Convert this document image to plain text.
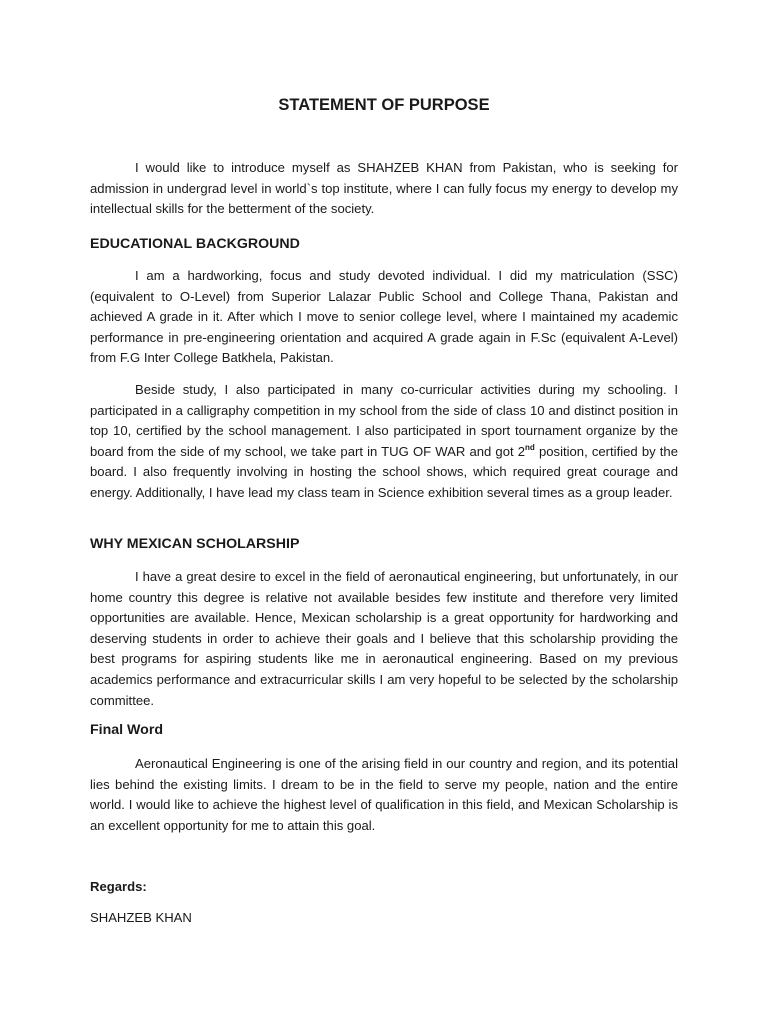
STATEMENT OF PURPOSE

I would like to introduce myself as SHAHZEB KHAN from Pakistan, who is seeking for admission in undergrad level in world`s top institute, where I can fully focus my energy to develop my intellectual skills for the betterment of the society.

EDUCATIONAL BACKGROUND

I am a hardworking, focus and study devoted individual. I did my matriculation (SSC) (equivalent to O-Level) from Superior Lalazar Public School and College Thana, Pakistan and achieved A grade in it. After which I move to senior college level, where I maintained my academic performance in pre-engineering orientation and acquired A grade again in F.Sc (equivalent A-Level) from F.G Inter College Batkhela, Pakistan.

Beside study, I also participated in many co-curricular activities during my schooling. I participated in a calligraphy competition in my school from the side of class 10 and distinct position in top 10, certified by the school management. I also participated in sport tournament organize by the board from the side of my school, we take part in TUG OF WAR and got 2nd position, certified by the board. I also frequently involving in hosting the school shows, which required great courage and energy. Additionally, I have lead my class team in Science exhibition several times as a group leader.

WHY MEXICAN SCHOLARSHIP

I have a great desire to excel in the field of aeronautical engineering, but unfortunately, in our home country this degree is relative not available besides few institute and therefore very limited opportunities are available. Hence, Mexican scholarship is a great opportunity for hardworking and deserving students in order to achieve their goals and I believe that this scholarship providing the best programs for aspiring students like me in aeronautical engineering. Based on my previous academics performance and extracurricular skills I am very hopeful to be selected by the scholarship committee.

Final Word

Aeronautical Engineering is one of the arising field in our country and region, and its potential lies behind the existing limits. I dream to be in the field to serve my people, nation and the entire world. I would like to achieve the highest level of qualification in this field, and Mexican Scholarship is an excellent opportunity for me to attain this goal.

Regards:
SHAHZEB KHAN
